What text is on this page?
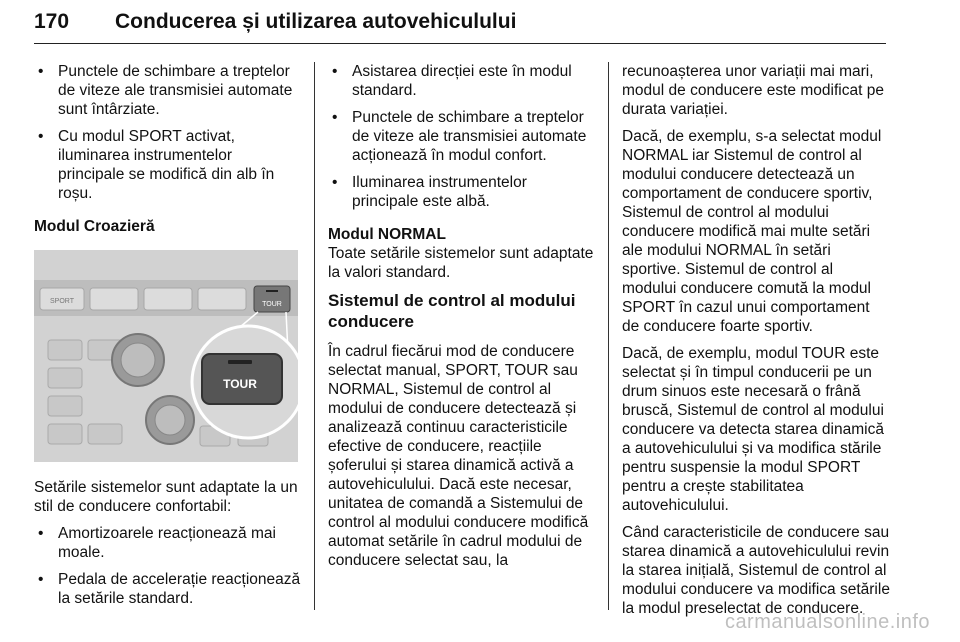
170 Conducerea și utilizarea autovehiculului
• Punctele de schimbare a treptelor de viteze ale transmisiei automate sunt întârziate.
• Cu modul SPORT activat, iluminarea instrumentelor principale se modifică din alb în roșu.

Modul Croazieră

SPORT	TOUR
TOUR

Setările sistemelor sunt adaptate la un stil de conducere confortabil:

• Amortizoarele reacționează mai moale.
• Pedala de accelerație reacționează la setările standard.
• Asistarea direcției este în modul standard.
• Punctele de schimbare a treptelor de viteze ale transmisiei automate acționează în modul confort.
• Iluminarea instrumentelor principale este albă.

Modul NORMAL

Toate setările sistemelor sunt adaptate la valori standard.

Sistemul de control al modului conducere

În cadrul fiecărui mod de conducere selectat manual, SPORT, TOUR sau NORMAL, Sistemul de control al modului de conducere detectează și analizează continuu caracteristicile efective de conducere, reacțiile șoferului și starea dinamică activă a autovehiculului. Dacă este necesar, unitatea de comandă a Sistemului de control al modului conducere modifică automat setările în cadrul modului de conducere selectat sau, la

recunoașterea unor variații mai mari, modul de conducere este modificat pe durata variației.

Dacă, de exemplu, s-a selectat modul NORMAL iar Sistemul de control al modului conducere detectează un comportament de conducere sportiv, Sistemul de control al modului conducere modifică mai multe setări ale modului NORMAL în setări sportive. Sistemul de control al modului conducere comută la modul SPORT în cazul unui comportament de conducere foarte sportiv.

Dacă, de exemplu, modul TOUR este selectat și în timpul conducerii pe un drum sinuos este necesară o frână bruscă, Sistemul de control al modului conducere va detecta starea dinamică a autovehiculului și va modifica stările pentru suspensie la modul SPORT pentru a crește stabilitatea autovehiculului.

Când caracteristicile de conducere sau starea dinamică a autovehiculului revin la starea inițială, Sistemul de control al modului conducere va modifica setările la modul preselectat de conducere.

carmanualsonline.info
